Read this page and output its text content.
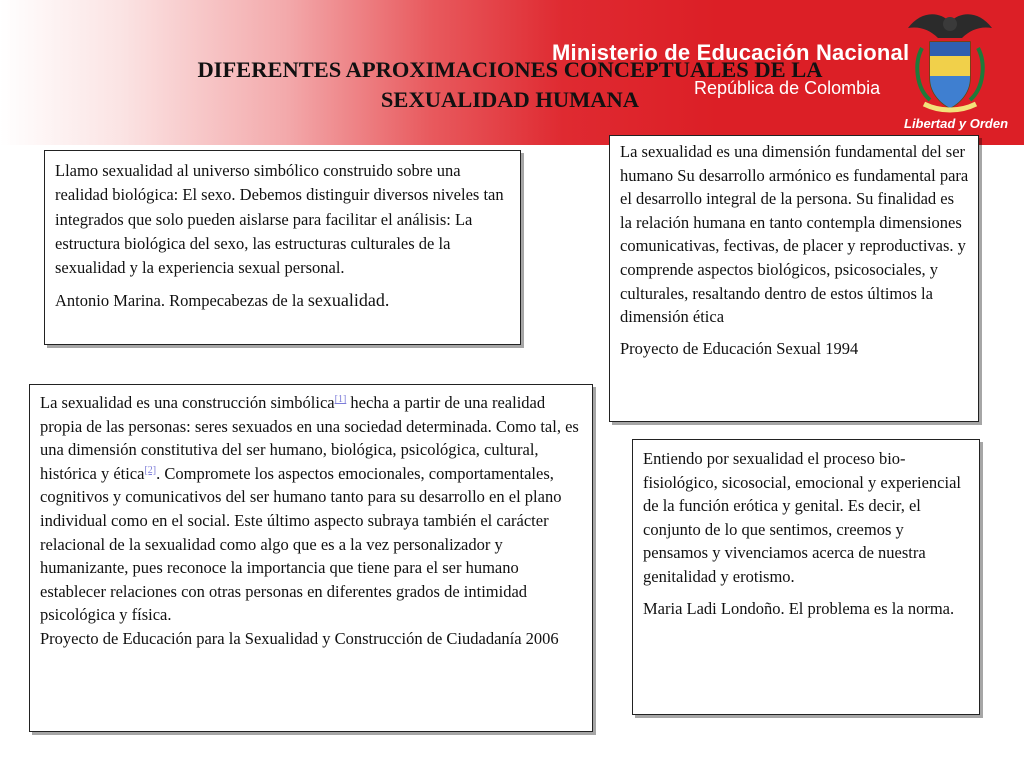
Ministerio de Educación Nacional
República de Colombia
Libertad y Orden
DIFERENTES APROXIMACIONES CONCEPTUALES DE LA
SEXUALIDAD HUMANA

Llamo sexualidad al universo simbólico construido sobre una realidad biológica: El sexo. Debemos distinguir diversos niveles tan integrados que solo pueden aislarse para facilitar el análisis: La estructura biológica del sexo, las estructuras culturales de la sexualidad y la experiencia sexual personal.

Antonio Marina. Rompecabezas de la sexualidad.

La sexualidad es una dimensión fundamental del ser humano Su desarrollo armónico es fundamental para el desarrollo integral de la persona. Su finalidad es la relación humana en tanto contempla dimensiones comunicativas, fectivas, de placer y reproductivas. y comprende aspectos biológicos, psicosociales, y culturales, resaltando dentro de estos últimos la dimensión ética

Proyecto de Educación Sexual 1994

La sexualidad es una construcción simbólica[1] hecha a partir de una realidad propia de las personas: seres sexuados en una sociedad determinada. Como tal, es una dimensión constitutiva del ser humano, biológica, psicológica, cultural, histórica y ética[2]. Compromete los aspectos emocionales, comportamentales, cognitivos y comunicativos del ser humano tanto para su desarrollo en el plano individual como en el social. Este último aspecto subraya también el carácter relacional de la sexualidad como algo que es a la vez personalizador y humanizante, pues reconoce la importancia que tiene para el ser humano establecer relaciones con otras personas en diferentes grados de intimidad psicológica y física.

Proyecto de Educación para la Sexualidad y Construcción de Ciudadanía 2006

Entiendo por sexualidad el proceso bio-fisiológico, sicosocial, emocional y experiencial de la función erótica y genital. Es decir, el conjunto de lo que sentimos, creemos y pensamos y vivenciamos acerca de nuestra genitalidad y erotismo.

Maria Ladi Londoño. El problema es la norma.
